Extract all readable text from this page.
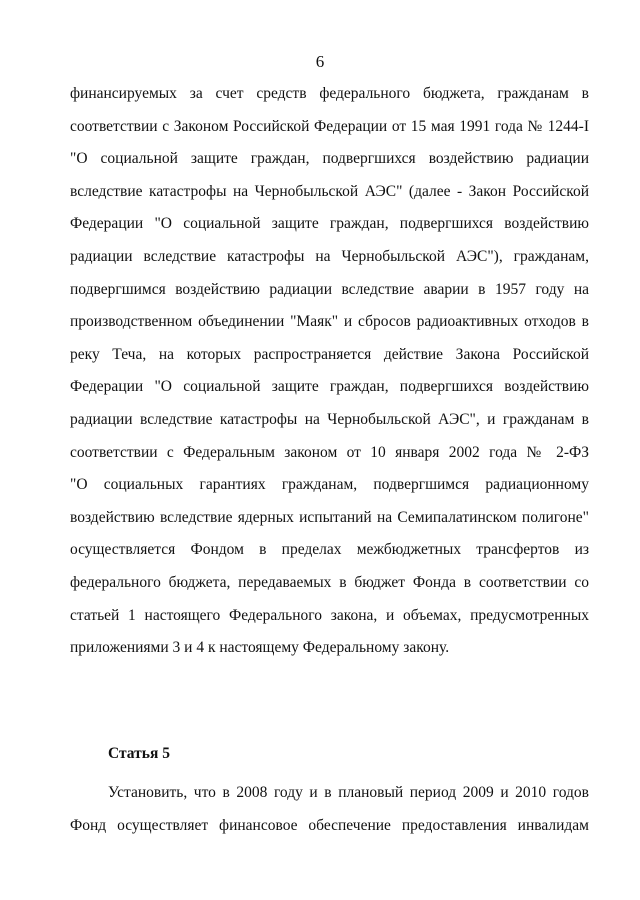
6
финансируемых за счет средств федерального бюджета, гражданам в
соответствии с Законом Российской Федерации от 15 мая 1991 года № 1244-I
"О социальной защите граждан, подвергшихся воздействию радиации
вследствие катастрофы на Чернобыльской АЭС" (далее - Закон Российской
Федерации "О социальной защите граждан, подвергшихся воздействию
радиации вследствие катастрофы на Чернобыльской АЭС"), гражданам,
подвергшимся воздействию радиации вследствие аварии в 1957 году на
производственном объединении "Маяк" и сбросов радиоактивных отходов в
реку Теча, на которых распространяется действие Закона Российской
Федерации "О социальной защите граждан, подвергшихся воздействию
радиации вследствие катастрофы на Чернобыльской АЭС", и гражданам в
соответствии с Федеральным законом от 10 января 2002 года № 2-ФЗ
"О социальных гарантиях гражданам, подвергшимся радиационному
воздействию вследствие ядерных испытаний на Семипалатинском полигоне"
осуществляется Фондом в пределах межбюджетных трансфертов из
федерального бюджета, передаваемых в бюджет Фонда в соответствии со
статьей 1 настоящего Федерального закона, и объемах, предусмотренных
приложениями 3 и 4 к настоящему Федеральному закону.
Статья 5
Установить, что в 2008 году и в плановый период 2009 и 2010 годов
Фонд осуществляет финансовое обеспечение предоставления инвалидам
